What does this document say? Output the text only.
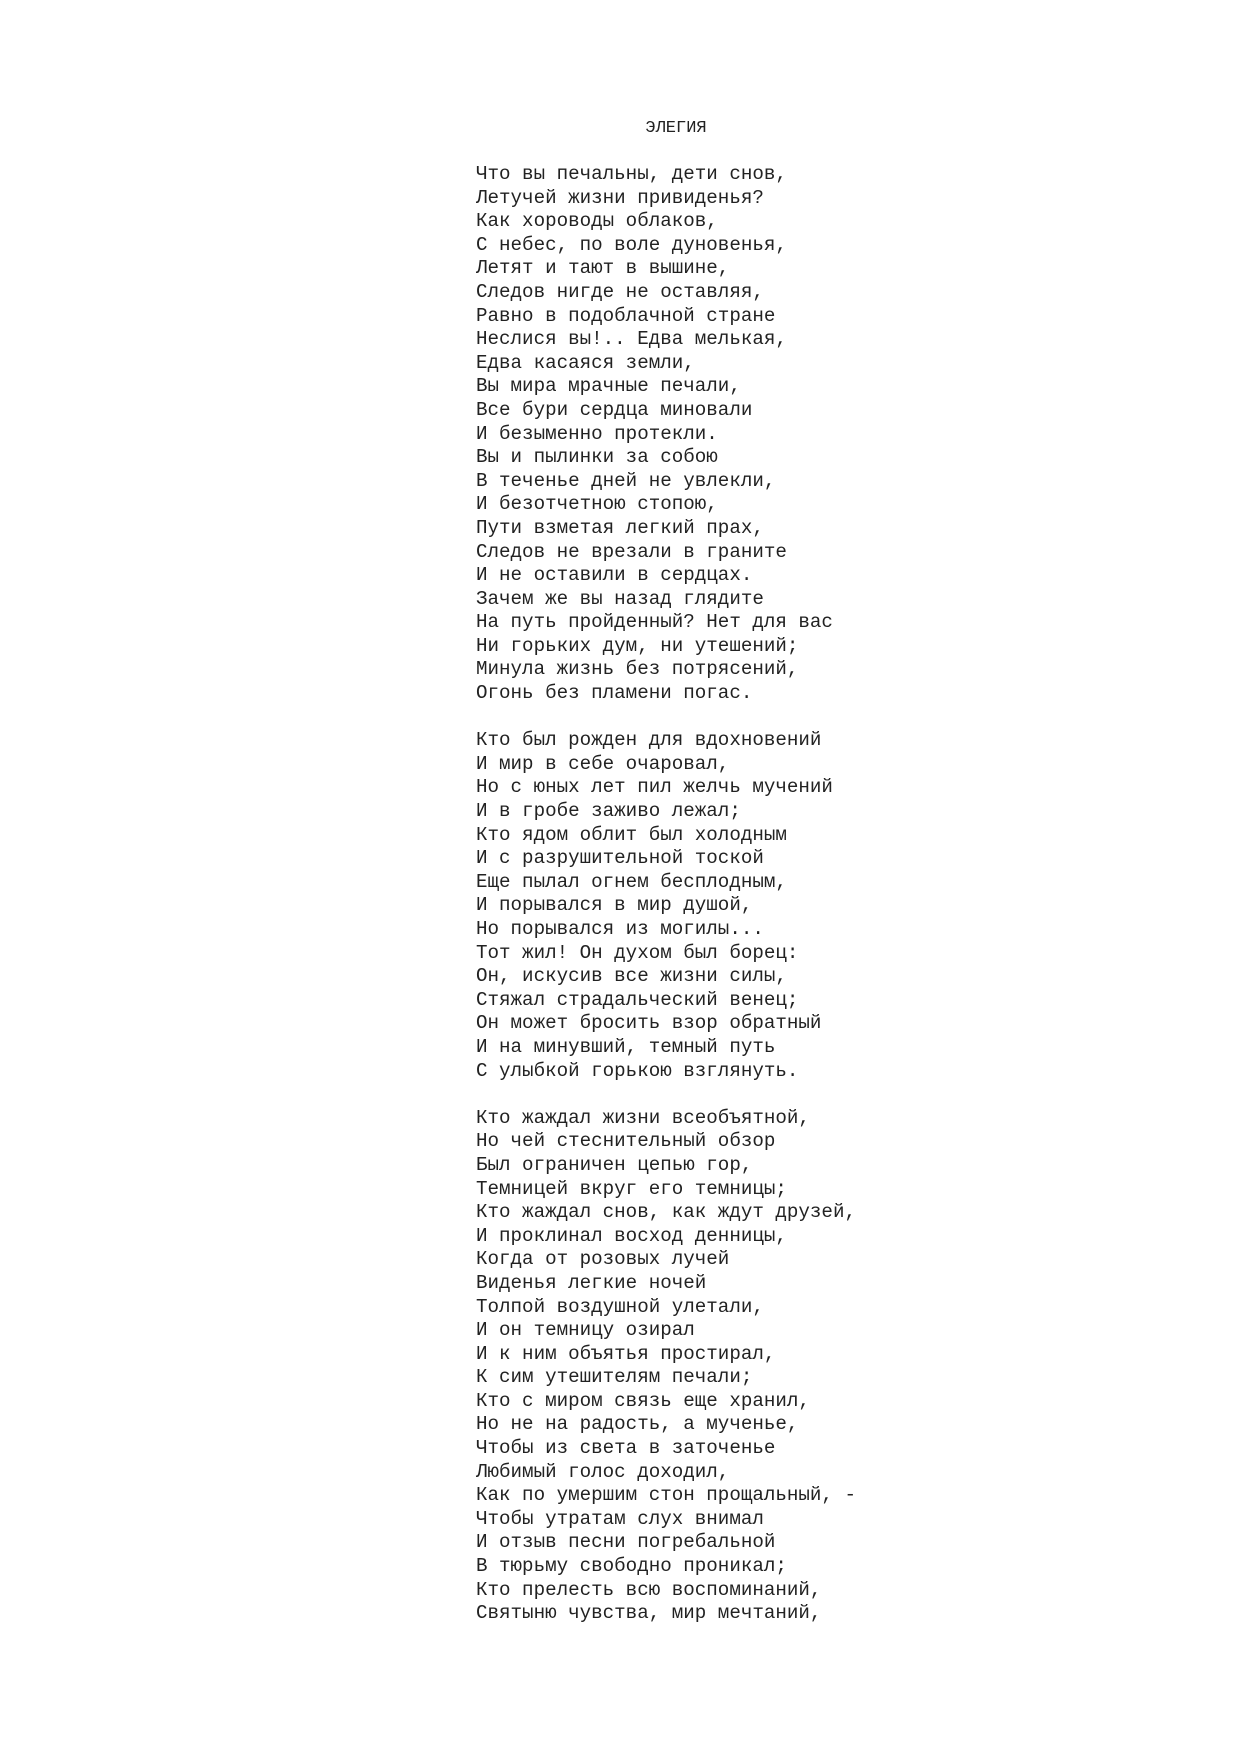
ЭЛЕГИЯ
Что вы печальны, дети снов,
Летучей жизни привиденья?
Как хороводы облаков,
С небес, по воле дуновенья,
Летят и тают в вышине,
Следов нигде не оставляя,
Равно в подоблачной стране
Неслися вы!.. Едва мелькая,
Едва касаяся земли,
Вы мира мрачные печали,
Все бури сердца миновали
И безыменно протекли.
Вы и пылинки за собою
В теченье дней не увлекли,
И безотчетною стопою,
Пути взметая легкий прах,
Следов не врезали в граните
И не оставили в сердцах.
Зачем же вы назад глядите
На путь пройденный? Нет для вас
Ни горьких дум, ни утешений;
Минула жизнь без потрясений,
Огонь без пламени погас.
Кто был рожден для вдохновений
И мир в себе очаровал,
Но с юных лет пил желчь мучений
И в гробе заживо лежал;
Кто ядом облит был холодным
И с разрушительной тоской
Еще пылал огнем бесплодным,
И порывался в мир душой,
Но порывался из могилы...
Тот жил! Он духом был борец:
Он, искусив все жизни силы,
Стяжал страдальческий венец;
Он может бросить взор обратный
И на минувший, темный путь
С улыбкой горькою взглянуть.
Кто жаждал жизни всеобъятной,
Но чей стеснительный обзор
Был ограничен цепью гор,
Темницей вкруг его темницы;
Кто жаждал снов, как ждут друзей,
И проклинал восход денницы,
Когда от розовых лучей
Виденья легкие ночей
Толпой воздушной улетали,
И он темницу озирал
И к ним объятья простирал,
К сим утешителям печали;
Кто с миром связь еще хранил,
Но не на радость, а мученье,
Чтобы из света в заточенье
Любимый голос доходил,
Как по умершим стон прощальный, -
Чтобы утратам слух внимал
И отзыв песни погребальной
В тюрьму свободно проникал;
Кто прелесть всю воспоминаний,
Святыню чувства, мир мечтаний,
